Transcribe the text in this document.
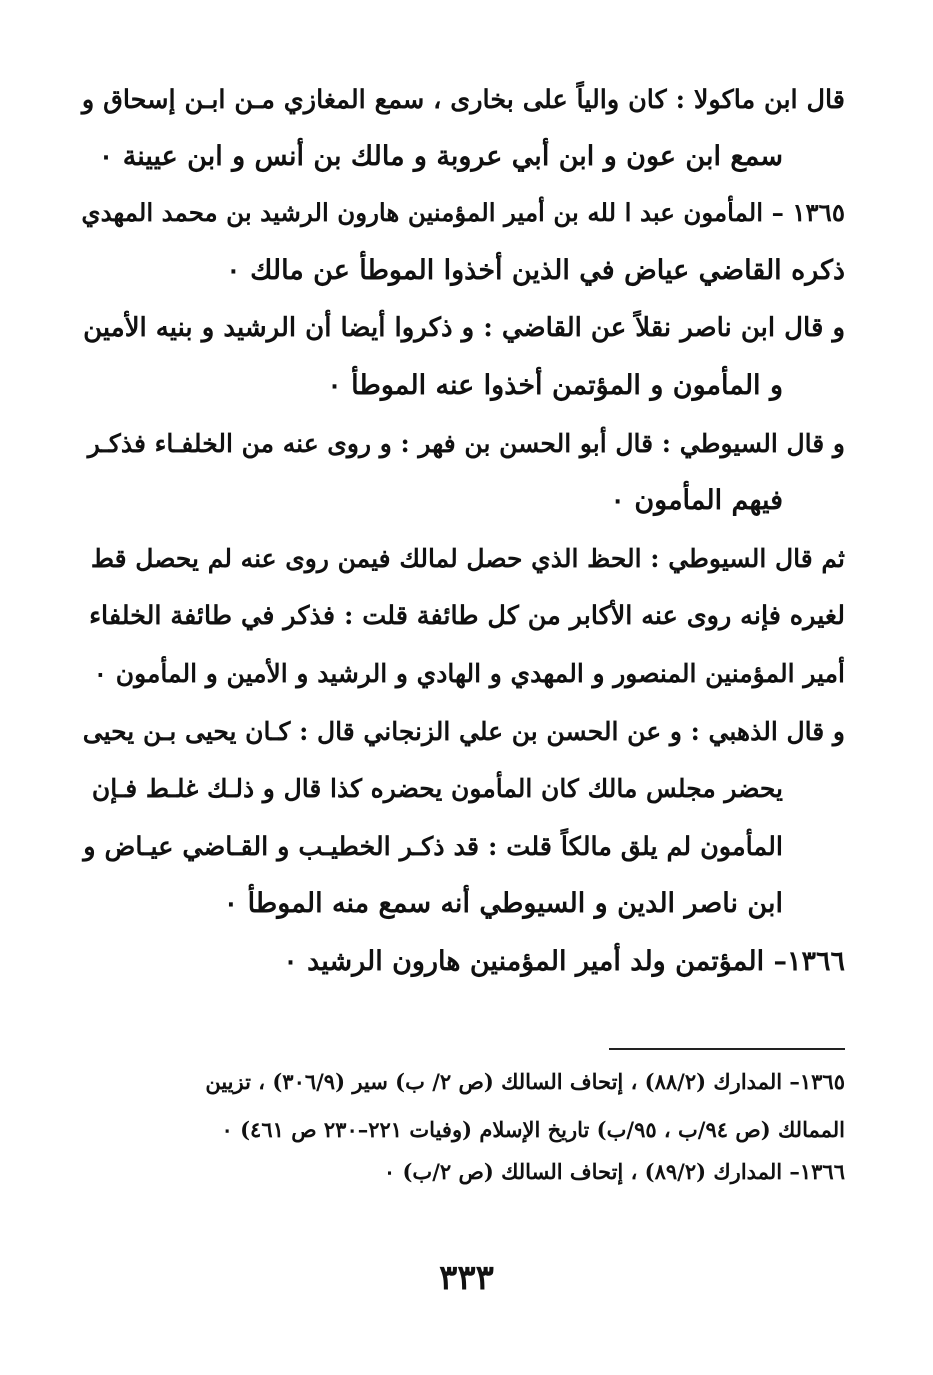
قال ابن ماكولا : كان والياً على بخارى ، سمع المغازي مـن ابـن إسحاق و
سمع ابن عون و ابن أبي عروبة و مالك بن أنس و ابن عيينة ٠
١٣٦٥ – المأمون عبد ا لله بن أمير المؤمنين هارون الرشيد بن محمد المهدي
ذكره القاضي عياض في الذين أخذوا الموطأ عن مالك ٠
و قال ابن ناصر نقلاً عن القاضي : و ذكروا أيضا أن الرشيد و بنيه الأمين
و المأمون و المؤتمن أخذوا عنه الموطأ ٠
و قال السيوطي : قال أبو الحسن بن فهر : و روى عنه من الخلفـاء فذكـر
فيهم المأمون ٠
ثم قال السيوطي : الحظ الذي حصل لمالك فيمن روى عنه لم يحصل قط
لغيره فإنه روى عنه الأكابر من كل طائفة قلت : فذكر في طائفة الخلفاء
أمير المؤمنين المنصور و المهدي و الهادي و الرشيد و الأمين و المأمون ٠
و قال الذهبي : و عن الحسن بن علي الزنجاني قال : كـان يحيى بـن يحيى
يحضر مجلس مالك كان المأمون يحضره كذا قال و ذلـك غلـط فـإن
المأمون لم يلق مالكاً قلت : قد ذكـر الخطيـب و القـاضي عيـاض و
ابن ناصر الدين و السيوطي أنه سمع منه الموطأ ٠
١٣٦٦– المؤتمن ولد أمير المؤمنين هارون الرشيد ٠
١٣٦٥– المدارك (٨٨/٢) ، إتحاف السالك (ص ٢/ ب) سير (٣٠٦/٩) ، تزيين
الممالك (ص ٩٤/ب ، ٩٥/ب) تاريخ الإسلام (وفيات ٢٢١–٢٣٠ ص ٤٦١) ٠
١٣٦٦– المدارك (٨٩/٢) ، إتحاف السالك (ص ٢/ب) ٠
٣٣٣
